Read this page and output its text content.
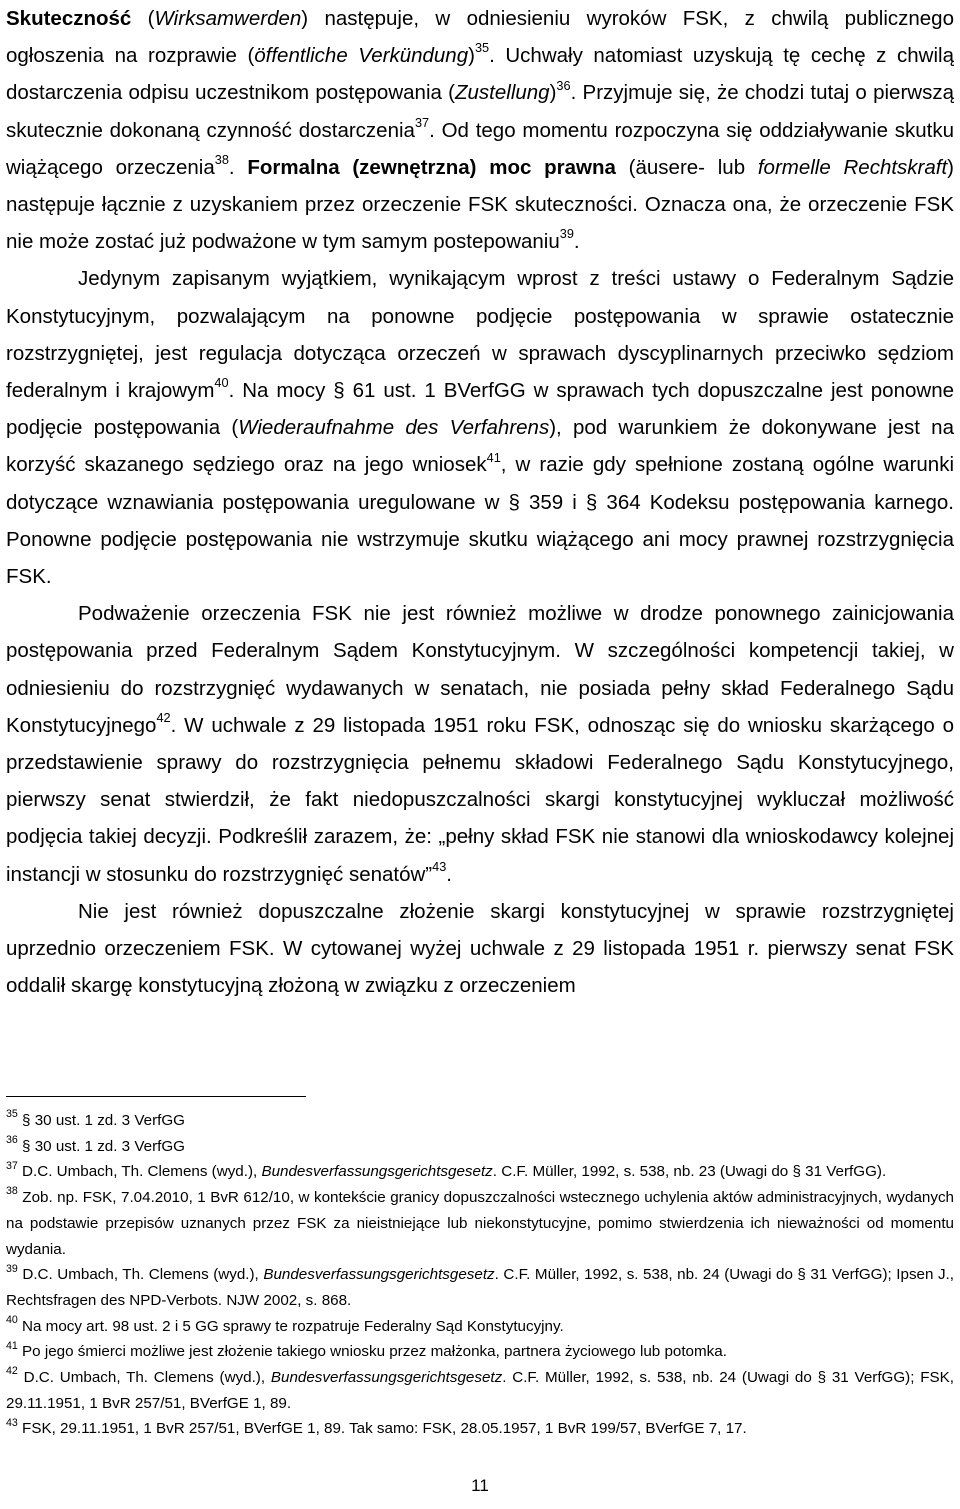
Skuteczność (Wirksamwerden) następuje, w odniesieniu wyroków FSK, z chwilą publicznego ogłoszenia na rozprawie (öffentliche Verkündung)$^{35}$. Uchwały natomiast uzyskują tę cechę z chwilą dostarczenia odpisu uczestnikom postępowania (Zustellung)$^{36}$. Przyjmuje się, że chodzi tutaj o pierwszą skutecznie dokonaną czynność dostarczenia$^{37}$. Od tego momentu rozpoczyna się oddziaływanie skutku wiążącego orzeczenia$^{38}$. Formalna (zewnętrzna) moc prawna (äusere- lub formelle Rechtskraft) następuje łącznie z uzyskaniem przez orzeczenie FSK skuteczności. Oznacza ona, że orzeczenie FSK nie może zostać już podważone w tym samym postepowaniu$^{39}$.

Jedynym zapisanym wyjątkiem, wynikającym wprost z treści ustawy o Federalnym Sądzie Konstytucyjnym, pozwalającym na ponowne podjęcie postępowania w sprawie ostatecznie rozstrzygniętej, jest regulacja dotycząca orzeczeń w sprawach dyscyplinarnych przeciwko sędziom federalnym i krajowym$^{40}$. Na mocy § 61 ust. 1 BVerfGG w sprawach tych dopuszczalne jest ponowne podjęcie postępowania (Wiederaufnahme des Verfahrens), pod warunkiem że dokonywane jest na korzyść skazanego sędziego oraz na jego wniosek$^{41}$, w razie gdy spełnione zostaną ogólne warunki dotyczące wznawiania postępowania uregulowane w § 359 i § 364 Kodeksu postępowania karnego. Ponowne podjęcie postępowania nie wstrzymuje skutku wiążącego ani mocy prawnej rozstrzygnięcia FSK.

Podważenie orzeczenia FSK nie jest również możliwe w drodze ponownego zainicjowania postępowania przed Federalnym Sądem Konstytucyjnym. W szczególności kompetencji takiej, w odniesieniu do rozstrzygnięć wydawanych w senatach, nie posiada pełny skład Federalnego Sądu Konstytucyjnego$^{42}$. W uchwale z 29 listopada 1951 roku FSK, odnosząc się do wniosku skarżącego o przedstawienie sprawy do rozstrzygnięcia pełnemu składowi Federalnego Sądu Konstytucyjnego, pierwszy senat stwierdził, że fakt niedopuszczalności skargi konstytucyjnej wykluczał możliwość podjęcia takiej decyzji. Podkreślił zarazem, że: „pełny skład FSK nie stanowi dla wnioskodawcy kolejnej instancji w stosunku do rozstrzygnięć senatów”$^{43}$.

Nie jest również dopuszczalne złożenie skargi konstytucyjnej w sprawie rozstrzygniętej uprzednio orzeczeniem FSK. W cytowanej wyżej uchwale z 29 listopada 1951 r. pierwszy senat FSK oddalił skargę konstytucyjną złożoną w związku z orzeczeniem

$^{35}$ § 30 ust. 1 zd. 3 VerfGG

$^{36}$ § 30 ust. 1 zd. 3 VerfGG

$^{37}$ D.C. Umbach, Th. Clemens (wyd.), Bundesverfassungsgerichtsgesetz. C.F. Müller, 1992, s. 538, nb. 23 (Uwagi do § 31 VerfGG).

$^{38}$ Zob. np. FSK, 7.04.2010, 1 BvR 612/10, w kontekście granicy dopuszczalności wstecznego uchylenia aktów administracyjnych, wydanych na podstawie przepisów uznanych przez FSK za nieistniejące lub niekonstytucyjne, pomimo stwierdzenia ich nieważności od momentu wydania.

$^{39}$ D.C. Umbach, Th. Clemens (wyd.), Bundesverfassungsgerichtsgesetz. C.F. Müller, 1992, s. 538, nb. 24 (Uwagi do § 31 VerfGG); Ipsen J., Rechtsfragen des NPD-Verbots. NJW 2002, s. 868.

$^{40}$ Na mocy art. 98 ust. 2 i 5 GG sprawy te rozpatruje Federalny Sąd Konstytucyjny.

$^{41}$ Po jego śmierci możliwe jest złożenie takiego wniosku przez małżonka, partnera życiowego lub potomka.

$^{42}$ D.C. Umbach, Th. Clemens (wyd.), Bundesverfassungsgerichtsgesetz. C.F. Müller, 1992, s. 538, nb. 24 (Uwagi do § 31 VerfGG); FSK, 29.11.1951, 1 BvR 257/51, BVerfGE 1, 89.

$^{43}$ FSK, 29.11.1951, 1 BvR 257/51, BVerfGE 1, 89. Tak samo: FSK, 28.05.1957, 1 BvR 199/57, BVerfGE 7, 17.

11
